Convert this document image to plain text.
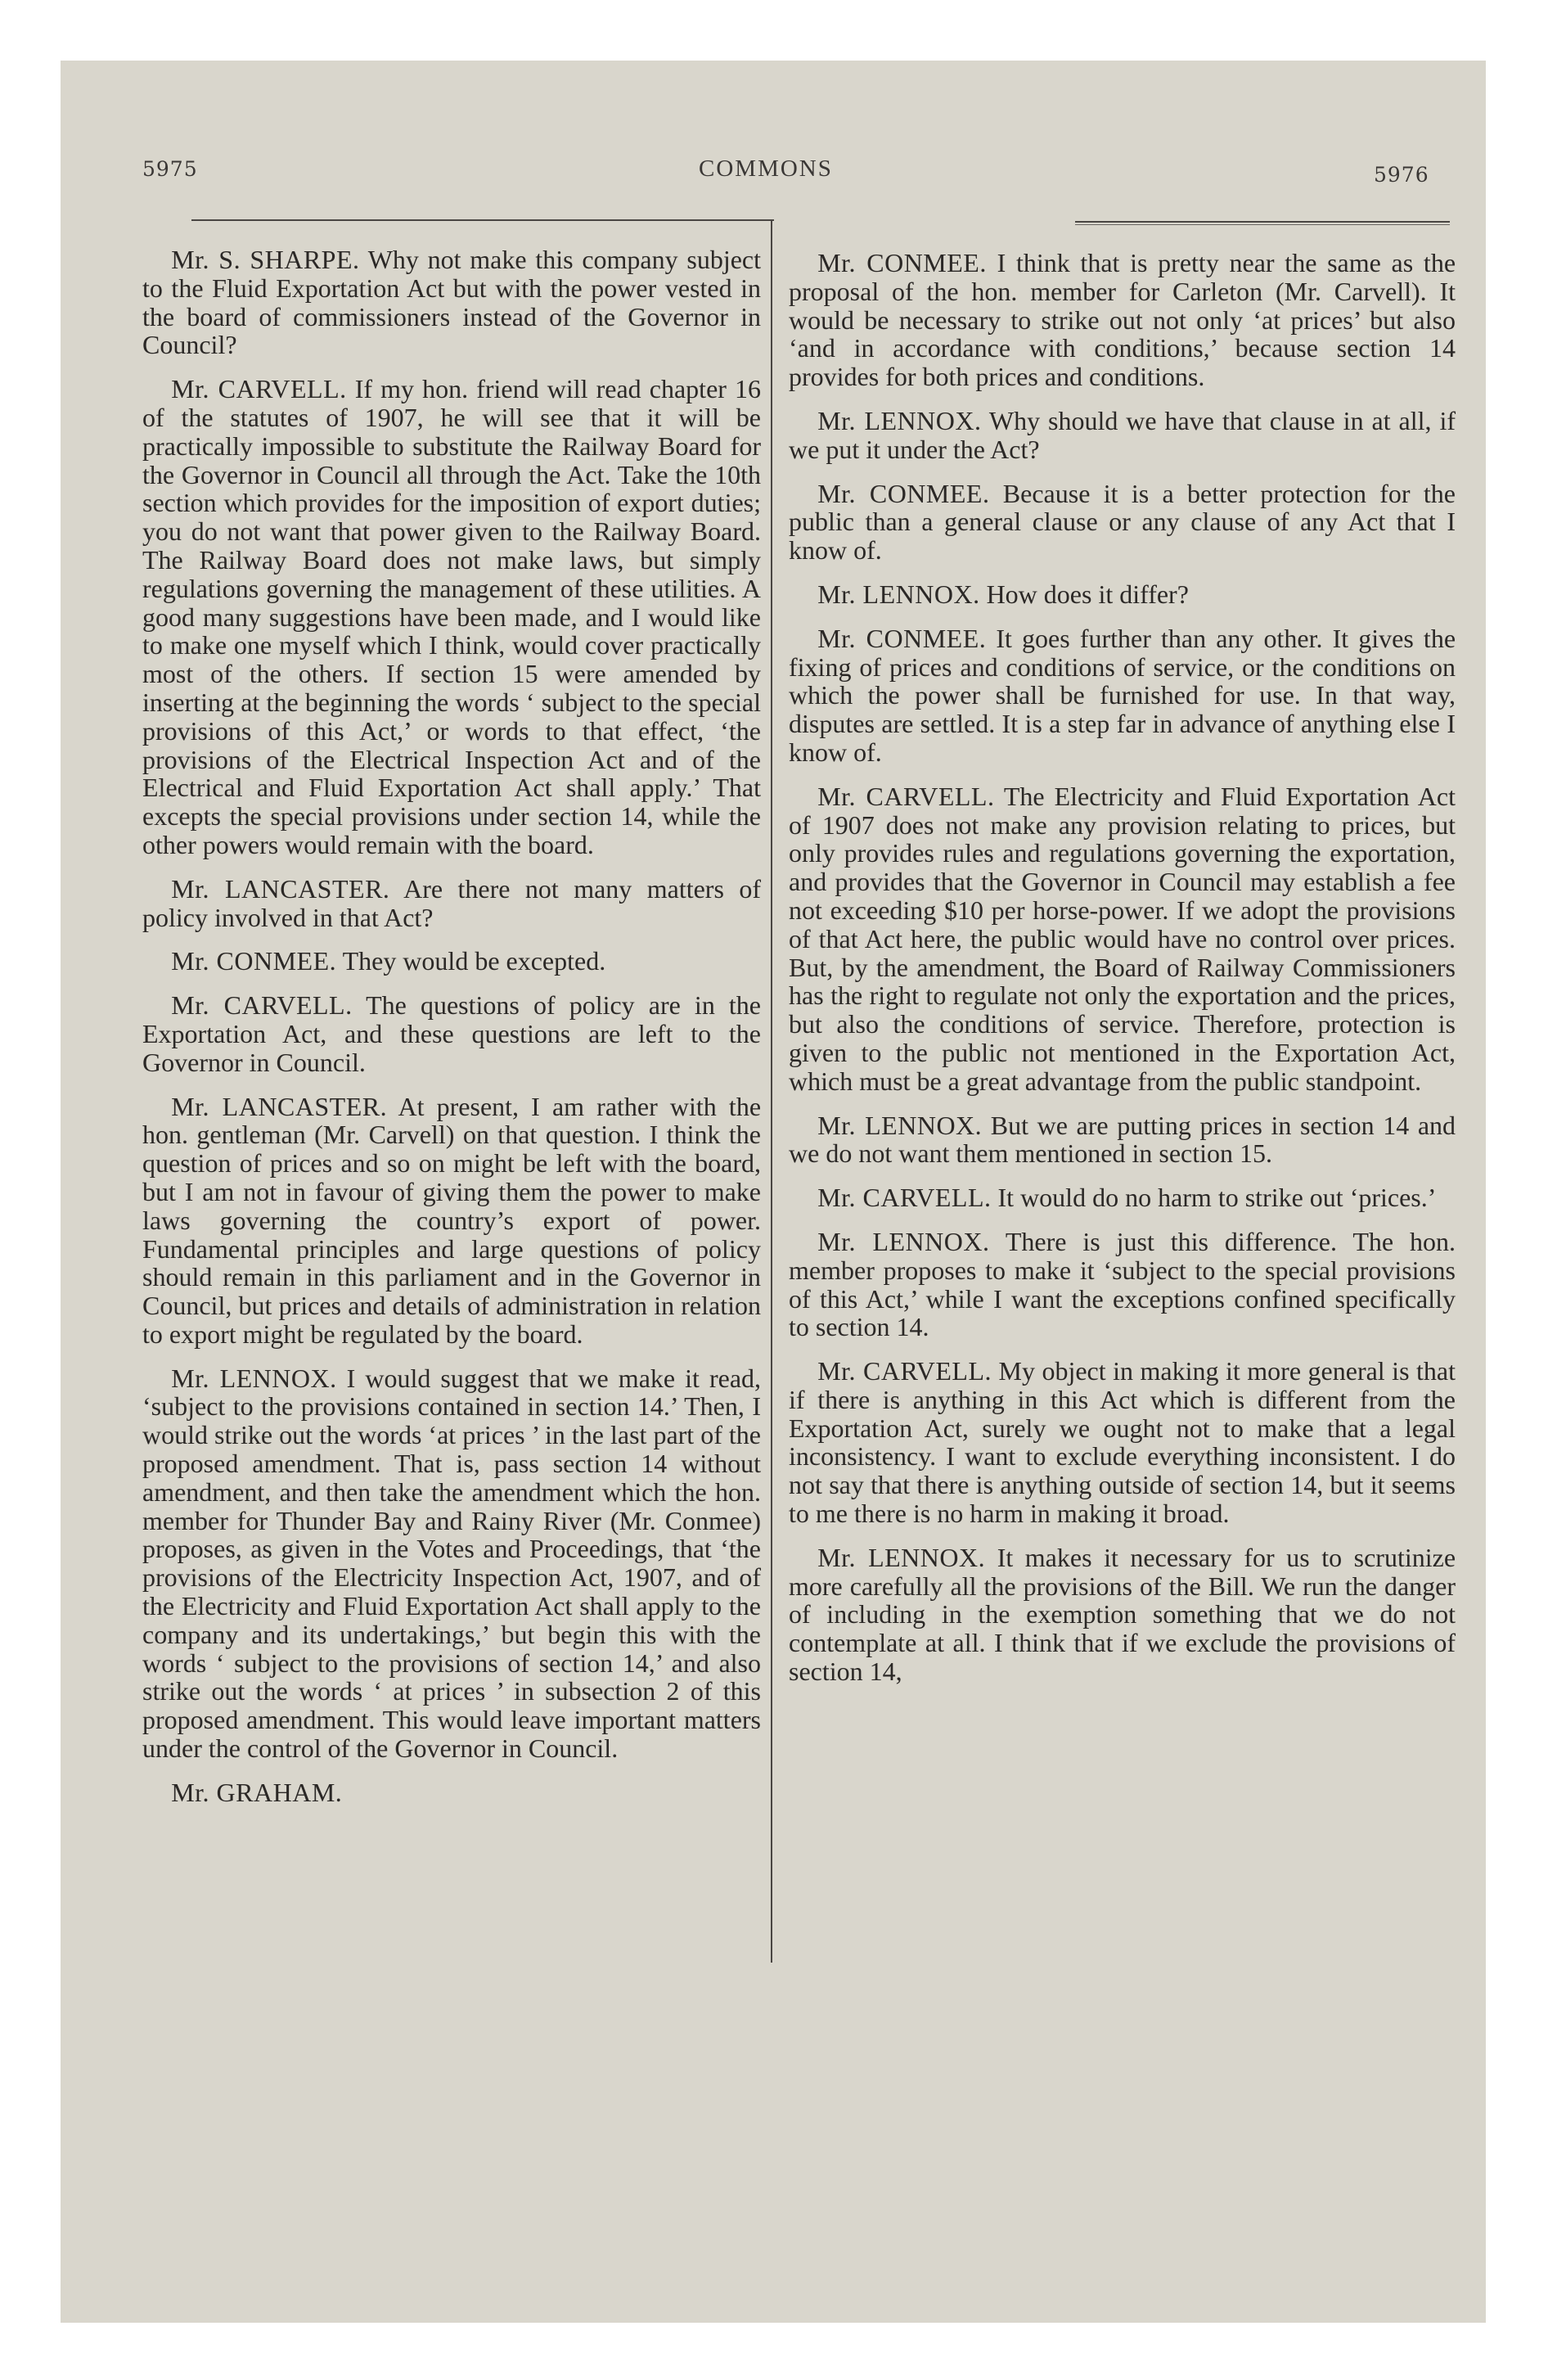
5975	COMMONS	5976

Mr. S. SHARPE. Why not make this company subject to the Fluid Exportation Act but with the power vested in the board of commissioners instead of the Governor in Council?

Mr. CARVELL. If my hon. friend will read chapter 16 of the statutes of 1907, he will see that it will be practically impossible to substitute the Railway Board for the Governor in Council all through the Act. Take the 10th section which provides for the imposition of export duties; you do not want that power given to the Railway Board. The Railway Board does not make laws, but simply regulations governing the management of these utilities. A good many suggestions have been made, and I would like to make one myself which I think, would cover practically most of the others. If section 15 were amended by inserting at the beginning the words ‘ subject to the special provisions of this Act,’ or words to that effect, ‘the provisions of the Electrical Inspection Act and of the Electrical and Fluid Exportation Act shall apply.’ That excepts the special provisions under section 14, while the other powers would remain with the board.

Mr. LANCASTER. Are there not many matters of policy involved in that Act?

Mr. CONMEE. They would be excepted.

Mr. CARVELL. The questions of policy are in the Exportation Act, and these questions are left to the Governor in Council.

Mr. LANCASTER. At present, I am rather with the hon. gentleman (Mr. Carvell) on that question. I think the question of prices and so on might be left with the board, but I am not in favour of giving them the power to make laws governing the country’s export of power. Fundamental principles and large questions of policy should remain in this parliament and in the Governor in Council, but prices and details of administration in relation to export might be regulated by the board.

Mr. LENNOX. I would suggest that we make it read, ‘subject to the provisions contained in section 14.’ Then, I would strike out the words ‘at prices ’ in the last part of the proposed amendment. That is, pass section 14 without amendment, and then take the amendment which the hon. member for Thunder Bay and Rainy River (Mr. Conmee) proposes, as given in the Votes and Proceedings, that ‘the provisions of the Electricity Inspection Act, 1907, and of the Electricity and Fluid Exportation Act shall apply to the company and its undertakings,’ but begin this with the words ‘ subject to the provisions of section 14,’ and also strike out the words ‘ at prices ’ in subsection 2 of this proposed amendment. This would leave important matters under the control of the Governor in Council.

Mr. GRAHAM.

Mr. CONMEE. I think that is pretty near the same as the proposal of the hon. member for Carleton (Mr. Carvell). It would be necessary to strike out not only ‘at prices’ but also ‘and in accordance with conditions,’ because section 14 provides for both prices and conditions.

Mr. LENNOX. Why should we have that clause in at all, if we put it under the Act?

Mr. CONMEE. Because it is a better protection for the public than a general clause or any clause of any Act that I know of.

Mr. LENNOX. How does it differ?

Mr. CONMEE. It goes further than any other. It gives the fixing of prices and conditions of service, or the conditions on which the power shall be furnished for use. In that way, disputes are settled. It is a step far in advance of anything else I know of.

Mr. CARVELL. The Electricity and Fluid Exportation Act of 1907 does not make any provision relating to prices, but only provides rules and regulations governing the exportation, and provides that the Governor in Council may establish a fee not exceeding $10 per horse-power. If we adopt the provisions of that Act here, the public would have no control over prices. But, by the amendment, the Board of Railway Commissioners has the right to regulate not only the exportation and the prices, but also the conditions of service. Therefore, protection is given to the public not mentioned in the Exportation Act, which must be a great advantage from the public standpoint.

Mr. LENNOX. But we are putting prices in section 14 and we do not want them mentioned in section 15.

Mr. CARVELL. It would do no harm to strike out ‘prices.’

Mr. LENNOX. There is just this difference. The hon. member proposes to make it ‘subject to the special provisions of this Act,’ while I want the exceptions confined specifically to section 14.

Mr. CARVELL. My object in making it more general is that if there is anything in this Act which is different from the Exportation Act, surely we ought not to make that a legal inconsistency. I want to exclude everything inconsistent. I do not say that there is anything outside of section 14, but it seems to me there is no harm in making it broad.

Mr. LENNOX. It makes it necessary for us to scrutinize more carefully all the provisions of the Bill. We run the danger of including in the exemption something that we do not contemplate at all. I think that if we exclude the provisions of section 14,
